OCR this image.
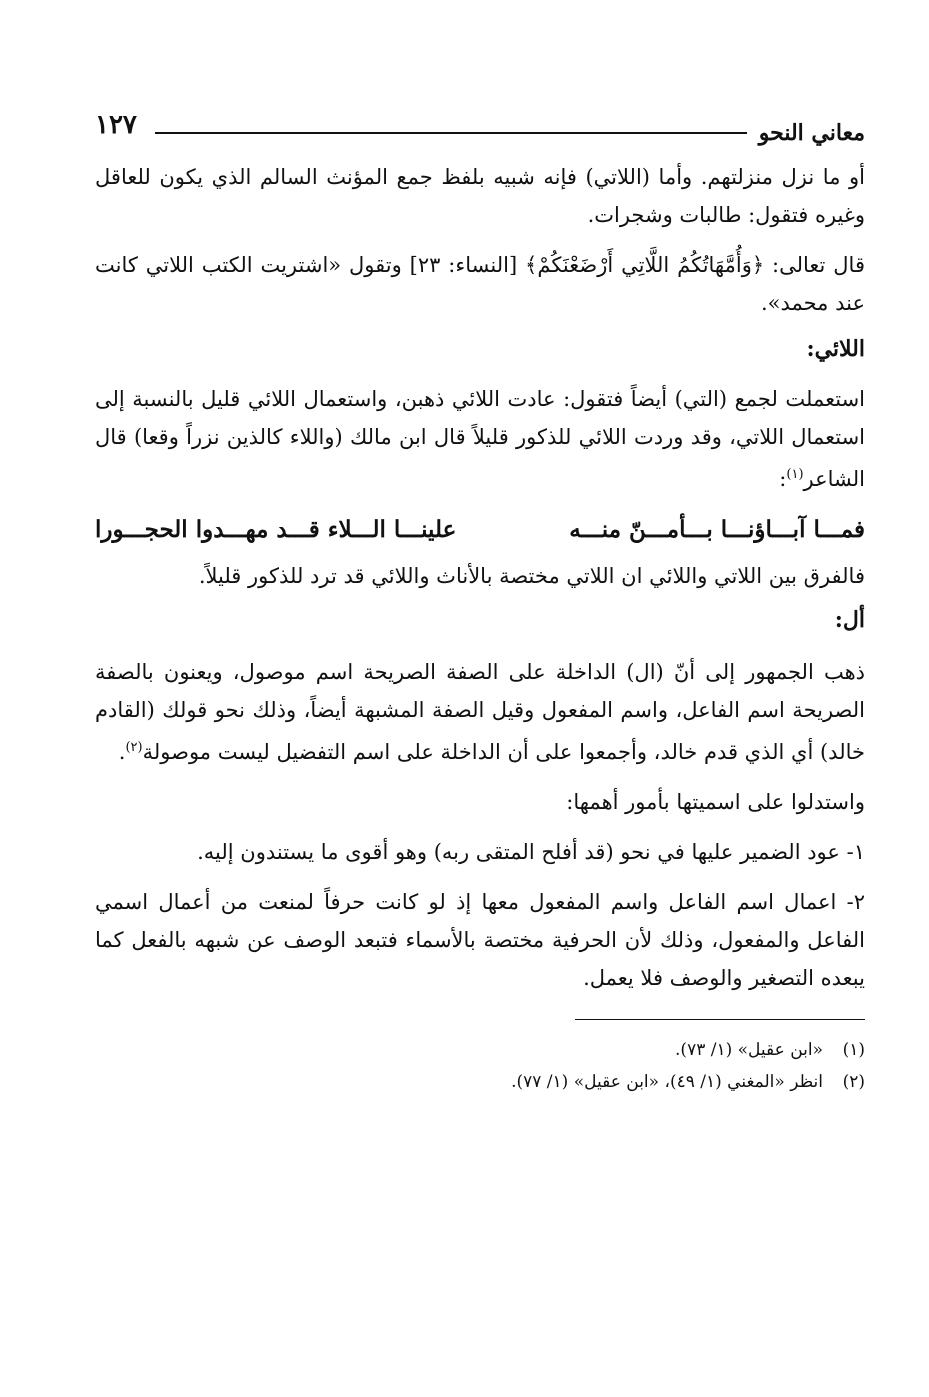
معاني النحو
١٢٧

أو ما نزل منزلتهم. وأما (اللاتي) فإنه شبيه بلفظ جمع المؤنث السالم الذي يكون للعاقل وغيره فتقول: طالبات وشجرات.

قال تعالى: ﴿وَأُمَّهَاتُكُمُ اللَّاتِي أَرْضَعْنَكُمْ﴾ [النساء: ٢٣] وتقول «اشتريت الكتب اللاتي كانت عند محمد».

اللائي:

استعملت لجمع (التي) أيضاً فتقول: عادت اللائي ذهبن، واستعمال اللائي قليل بالنسبة إلى استعمال اللاتي، وقد وردت اللائي للذكور قليلاً قال ابن مالك (واللاء كالذين نزراً وقعا) قال الشاعر$^{(١)}$:

فمـــا آبـــاؤنـــا بـــأمـــنّ منـــه
علينـــا الـــلاء قـــد مهـــدوا الحجـــورا

فالفرق بين اللاتي واللائي ان اللاتي مختصة بالأناث واللائي قد ترد للذكور قليلاً.

أل:

ذهب الجمهور إلى أنّ (ال) الداخلة على الصفة الصريحة اسم موصول، ويعنون بالصفة الصريحة اسم الفاعل، واسم المفعول وقيل الصفة المشبهة أيضاً، وذلك نحو قولك (القادم خالد) أي الذي قدم خالد، وأجمعوا على أن الداخلة على اسم التفضيل ليست موصولة$^{(٢)}$.

واستدلوا على اسميتها بأمور أهمها:

١- عود الضمير عليها في نحو (قد أفلح المتقى ربه) وهو أقوى ما يستندون إليه.

٢- اعمال اسم الفاعل واسم المفعول معها إذ لو كانت حرفاً لمنعت من أعمال اسمي الفاعل والمفعول، وذلك لأن الحرفية مختصة بالأسماء فتبعد الوصف عن شبهه بالفعل كما يبعده التصغير والوصف فلا يعمل.

(١)
«ابن عقيل» (١/ ٧٣).
(٢)
انظر «المغني (١/ ٤٩)، «ابن عقيل» (١/ ٧٧).
